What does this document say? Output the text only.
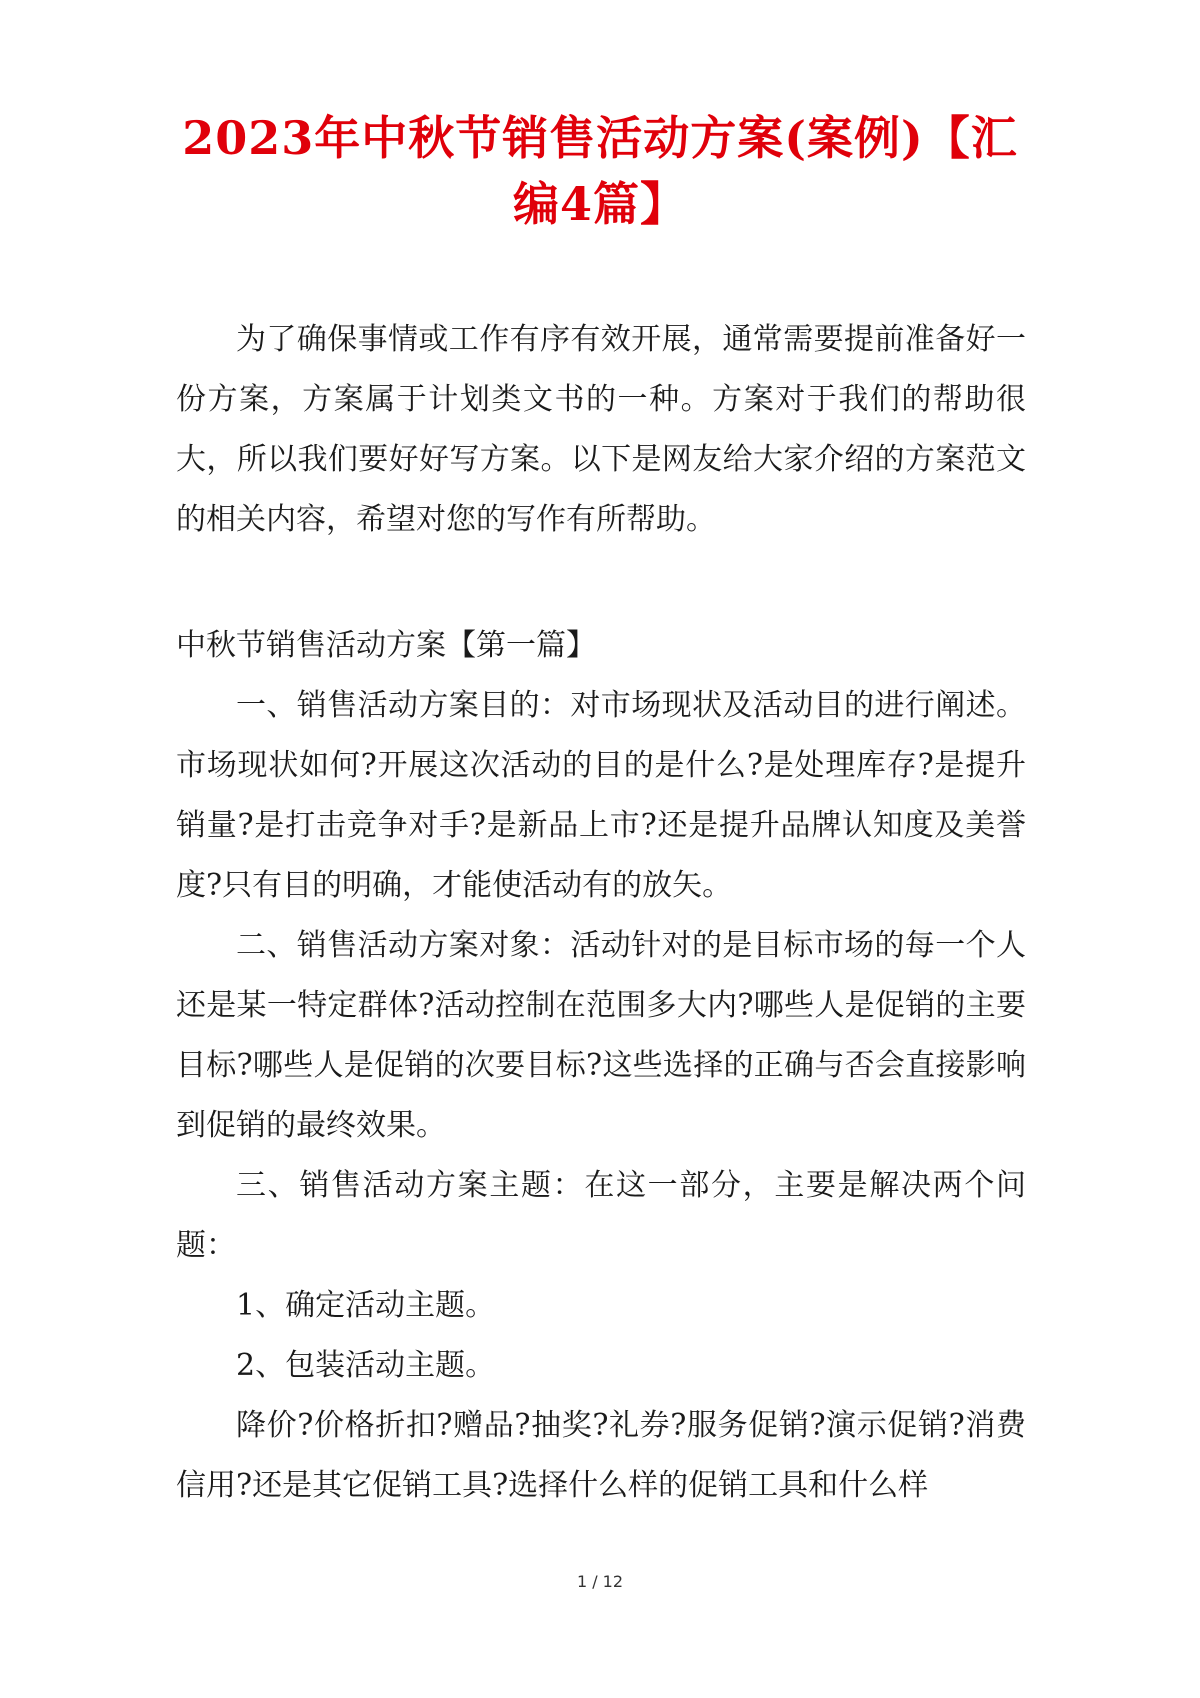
2023年中秋节销售活动方案(案例)【汇编4篇】

为了确保事情或工作有序有效开展，通常需要提前准备好一份方案，方案属于计划类文书的一种。方案对于我们的帮助很大，所以我们要好好写方案。以下是网友给大家介绍的方案范文的相关内容，希望对您的写作有所帮助。

中秋节销售活动方案【第一篇】

一、销售活动方案目的：对市场现状及活动目的进行阐述。市场现状如何?开展这次活动的目的是什么?是处理库存?是提升销量?是打击竞争对手?是新品上市?还是提升品牌认知度及美誉度?只有目的明确，才能使活动有的放矢。

二、销售活动方案对象：活动针对的是目标市场的每一个人还是某一特定群体?活动控制在范围多大内?哪些人是促销的主要目标?哪些人是促销的次要目标?这些选择的正确与否会直接影响到促销的最终效果。

三、销售活动方案主题：在这一部分，主要是解决两个问题：

1、确定活动主题。

2、包装活动主题。

降价?价格折扣?赠品?抽奖?礼券?服务促销?演示促销?消费信用?还是其它促销工具?选择什么样的促销工具和什么样

1 / 12
